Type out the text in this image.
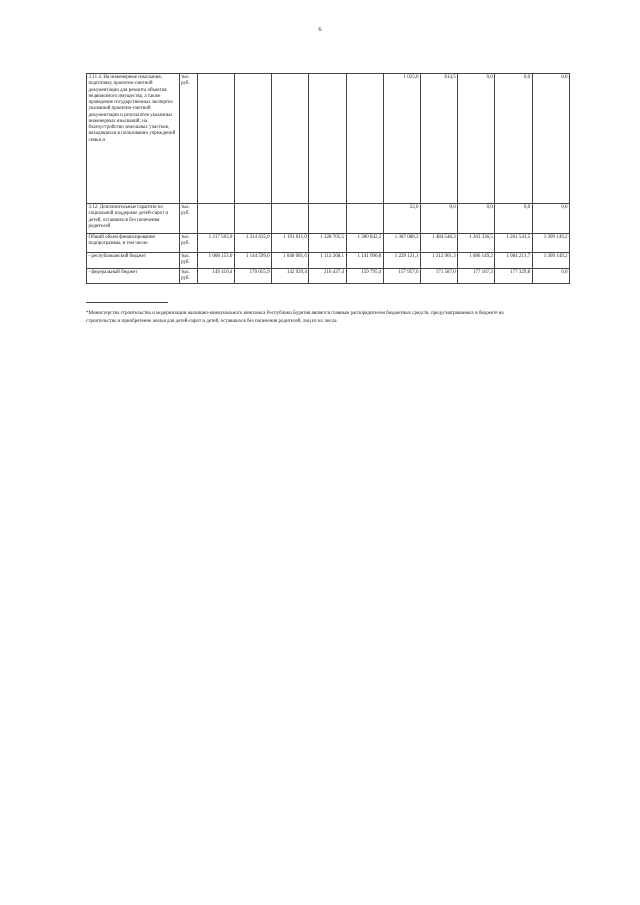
6
3.11.4. На инженерные изыскания, подготовку проектно-сметной документации для ремонта объектов недвижимого имущества, а также проведение государственных экспертиз указанной проектно-сметной документации и результатов указанных инженерных изысканий; на благоустройство земельных участков, находящихся в пользовании учреждений семьи и	тыс. руб.						1 025,0	814,5	0,0	0,0	0,0
3.12. Дополнительные гарантии по социальной поддержке детей-сирот и детей, оставшихся без попечения родителей	тыс. руб.						22,0	0,0	0,0	0,0	0,0
Общий объем финансирования подпрограммы, в том числе:	тыс. руб.	1 217 563,0	1 314 655,0	1 191 011,0	1 328 705,5	1 300 842,2	1 387 088,3	1 484 548,3	1 263 336,5	1 261 543,5	1 309 149,2
- республиканский бюджет	тыс. руб.	1 068 153,0	1 144 599,0	1 048 081,6	1 112 268,1	1 141 096,8	1 229 131,1	1 312 961,3	1 086 149,2	1 084 213,7	1 309 149,2
- федеральный бюджет	тыс. руб.	149 410,4	170 055,9	142 929,4	216 437,4	159 795,4	157 957,0	171 587,0	177 187,3	177 329,8	0,0
*Министерство строительства и модернизации жилищно-коммунального комплекса Республики Бурятия является главным распорядителем бюджетных средств, предусматриваемых в бюджете на строительство и приобретение жилья для детей-сирот и детей, оставшихся без попечения родителей, лиц из их числа.
